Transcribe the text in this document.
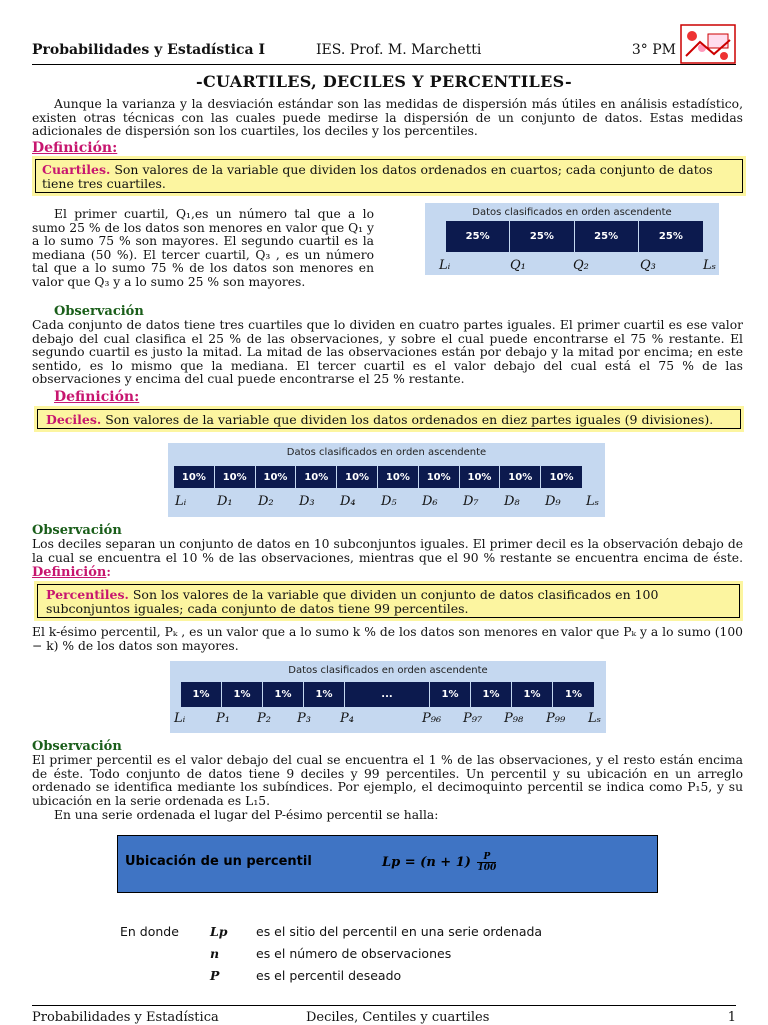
Probabilidades y Estadística I	IES. Prof. M. Marchetti	3° PM
-CUARTILES, DECILES Y PERCENTILES-
Aunque la varianza y la desviación estándar son las medidas de dispersión más útiles en análisis estadístico, existen otras técnicas con las cuales puede medirse la dispersión de un conjunto de datos. Estas medidas adicionales de dispersión son los cuartiles, los deciles y los percentiles.
Definición:
Cuartiles. Son valores de la variable que dividen los datos ordenados en cuartos; cada conjunto de datos tiene tres cuartiles.
El primer cuartil, Q₁,es un número tal que a lo sumo 25 % de los datos son menores en valor que Q₁ y a lo sumo 75 % son mayores. El segundo cuartil es la mediana (50 %). El tercer cuartil, Q₃ , es un número tal que a lo sumo 75 % de los datos son menores en valor que Q₃ y a lo sumo 25 % son mayores.
Datos clasificados en orden ascendente
25%	25%	25%	25%
Lᵢ	Q₁	Q₂	Q₃	Lₛ
Observación
Cada conjunto de datos tiene tres cuartiles que lo dividen en cuatro partes iguales. El primer cuartil es ese valor debajo del cual clasifica el 25 % de las observaciones, y sobre el cual puede encontrarse el 75 % restante. El segundo cuartil es justo la mitad. La mitad de las observaciones están por debajo y la mitad por encima; en este sentido, es lo mismo que la mediana. El tercer cuartil es el valor debajo del cual está el 75 % de las observaciones y encima del cual puede encontrarse el 25 % restante.
Definición:
Deciles. Son valores de la variable que dividen los datos ordenados en diez partes iguales (9 divisiones).
Datos clasificados en orden ascendente
10%	10%	10%	10%	10%	10%	10%	10%	10%	10%
Lᵢ D₁ D₂ D₃ D₄ D₅ D₆ D₇ D₈ D₉ Lₛ
Observación
Los deciles separan un conjunto de datos en 10 subconjuntos iguales. El primer decil es la observación debajo de la cual se encuentra el 10 % de las observaciones, mientras que el 90 % restante se encuentra encima de éste. Definición:
Percentiles. Son los valores de la variable que dividen un conjunto de datos clasificados en 100 subconjuntos iguales; cada conjunto de datos tiene 99 percentiles.
El k-ésimo percentil, Pₖ , es un valor que a lo sumo k % de los datos son menores en valor que Pₖ y a lo sumo (100 − k) % de los datos son mayores.
Datos clasificados en orden ascendente
1%	1%	1%	1%	...	1%	1%	1%	1%
Lᵢ P₁ P₂ P₃ P₄	P₉₆ P₉₇ P₉₈ P₉₉ Lₛ
Observación
El primer percentil es el valor debajo del cual se encuentra el 1 % de las observaciones, y el resto están encima de éste. Todo conjunto de datos tiene 9 deciles y 99 percentiles. Un percentil y su ubicación en un arreglo ordenado se identifica mediante los subíndices. Por ejemplo, el decimoquinto percentil se indica como P₁5, y su ubicación en la serie ordenada es L₁5.
En una serie ordenada el lugar del P-ésimo percentil se halla:
Ubicación de un percentil	$Lp = (n + 1) \frac{P}{100}$
En donde Lp es el sitio del percentil en una serie ordenada
n	es el número de observaciones
P	es el percentil deseado
Probabilidades y Estadística	Deciles, Centiles y cuartiles	1
